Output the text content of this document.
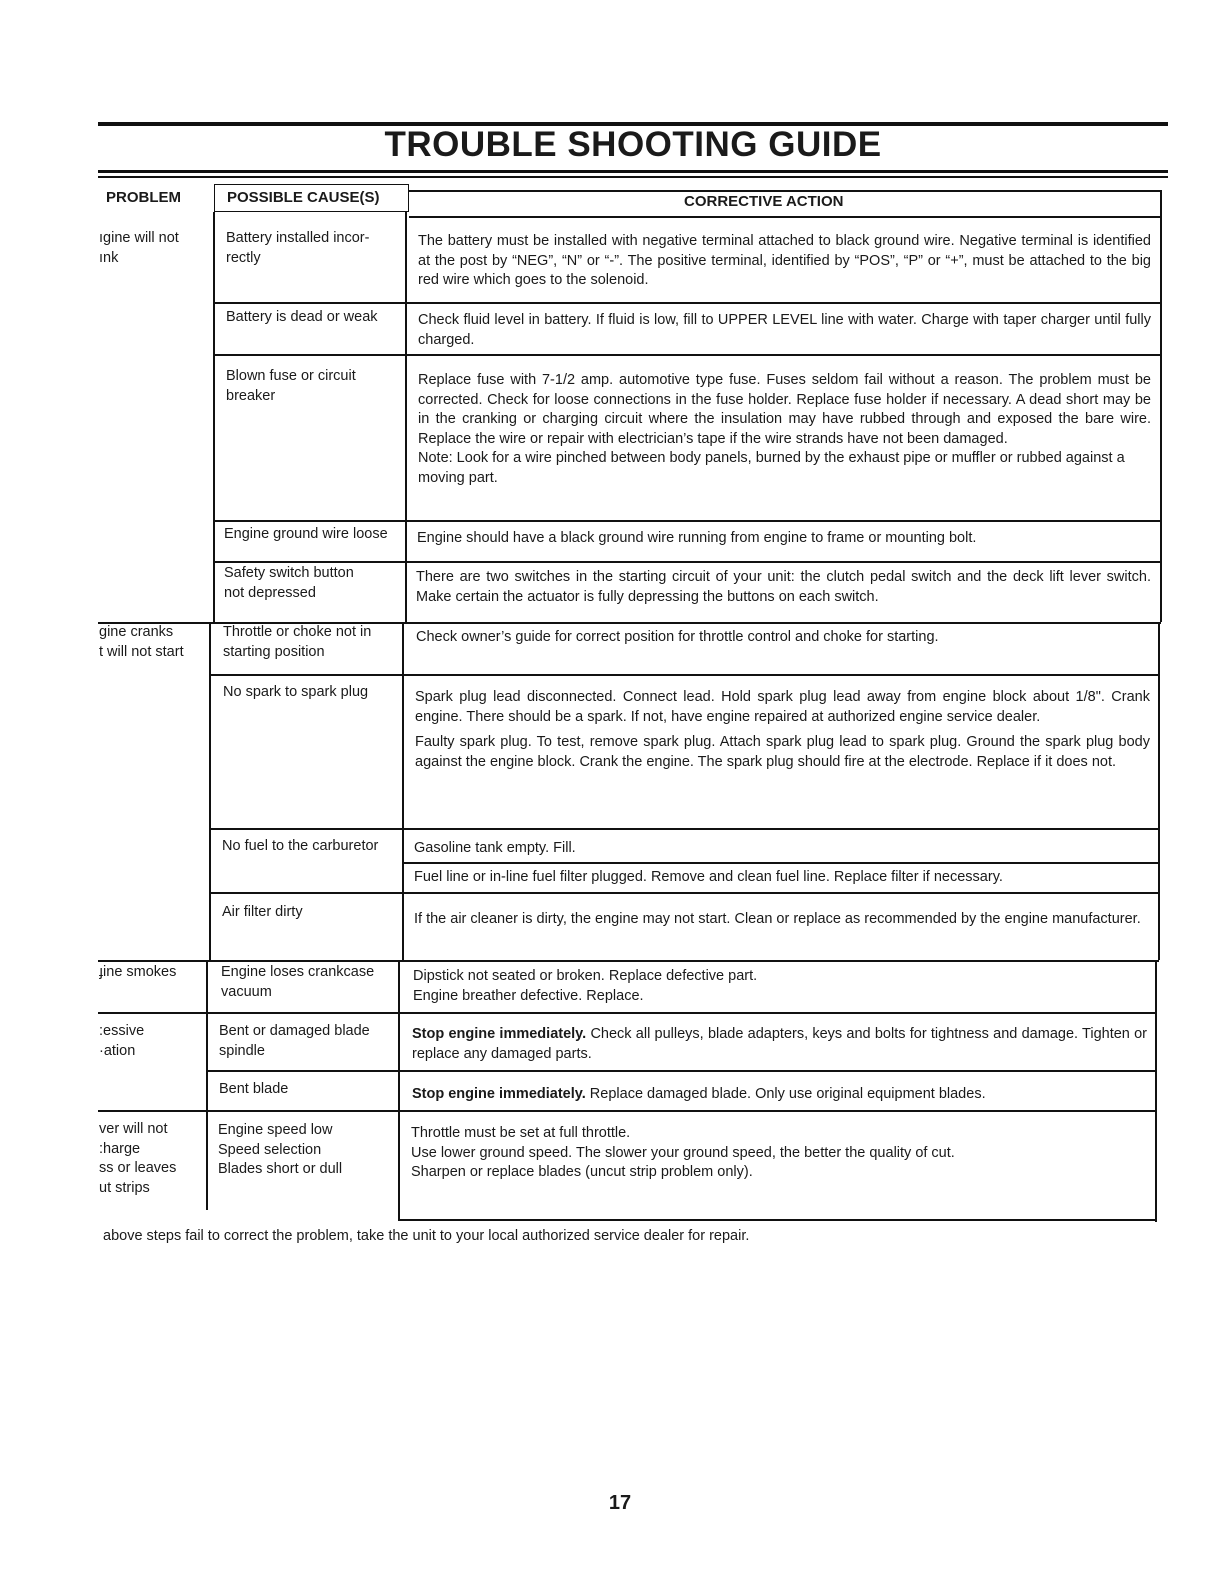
TROUBLE SHOOTING GUIDE
PROBLEM	POSSIBLE CAUSE(S)	CORRECTIVE ACTION
ıgine will not
ınk
gine cranks
t will not start
ɟine smokes
:essive
·ation
ver will not
:harge
ss or leaves
ut strips
Battery installed incor-
rectly
Battery is dead or weak
Blown fuse or circuit
breaker
Engine ground wire loose
Safety switch button
not depressed
Throttle or choke not in
starting position
No spark to spark plug
No fuel to the carburetor
Air filter dirty
Engine loses crankcase
vacuum
Bent or damaged blade
spindle
Bent blade
Engine speed low
Speed selection
Blades short or dull

The battery must be installed with negative terminal attached to black ground wire. Negative terminal is identified at the post by “NEG”, “N” or “-”. The positive terminal, identified by “POS”, “P” or “+”, must be attached to the big red wire which goes to the solenoid.

Check fluid level in battery. If fluid is low, fill to UPPER LEVEL line with water. Charge with taper charger until fully charged.

Replace fuse with 7-1/2 amp. automotive type fuse. Fuses seldom fail without a reason. The problem must be corrected. Check for loose connections in the fuse holder. Replace fuse holder if necessary. A dead short may be in the cranking or charging circuit where the insulation may have rubbed through and exposed the bare wire. Replace the wire or repair with electrician’s tape if the wire strands have not been damaged.

Note: Look for a wire pinched between body panels, burned by the exhaust pipe or muffler or rubbed against a moving part.

Engine should have a black ground wire running from engine to frame or mounting bolt.

There are two switches in the starting circuit of your unit: the clutch pedal switch and the deck lift lever switch. Make certain the actuator is fully depressing the buttons on each switch.

Check owner’s guide for correct position for throttle control and choke for starting.

Spark plug lead disconnected. Connect lead. Hold spark plug lead away from engine block about 1/8". Crank engine. There should be a spark. If not, have engine repaired at authorized engine service dealer.

Faulty spark plug. To test, remove spark plug. Attach spark plug lead to spark plug. Ground the spark plug body against the engine block. Crank the engine. The spark plug should fire at the electrode. Replace if it does not.

Gasoline tank empty. Fill.

Fuel line or in-line fuel filter plugged. Remove and clean fuel line. Replace filter if necessary.

If the air cleaner is dirty, the engine may not start. Clean or replace as recommended by the engine manufacturer.

Dipstick not seated or broken. Replace defective part.
Engine breather defective. Replace.

Stop engine immediately. Check all pulleys, blade adapters, keys and bolts for tightness and damage. Tighten or replace any damaged parts.

Stop engine immediately. Replace damaged blade. Only use original equipment blades.

Throttle must be set at full throttle.
Use lower ground speed. The slower your ground speed, the better the quality of cut.
Sharpen or replace blades (uncut strip problem only).

above steps fail to correct the problem, take the unit to your local authorized service dealer for repair.
17
